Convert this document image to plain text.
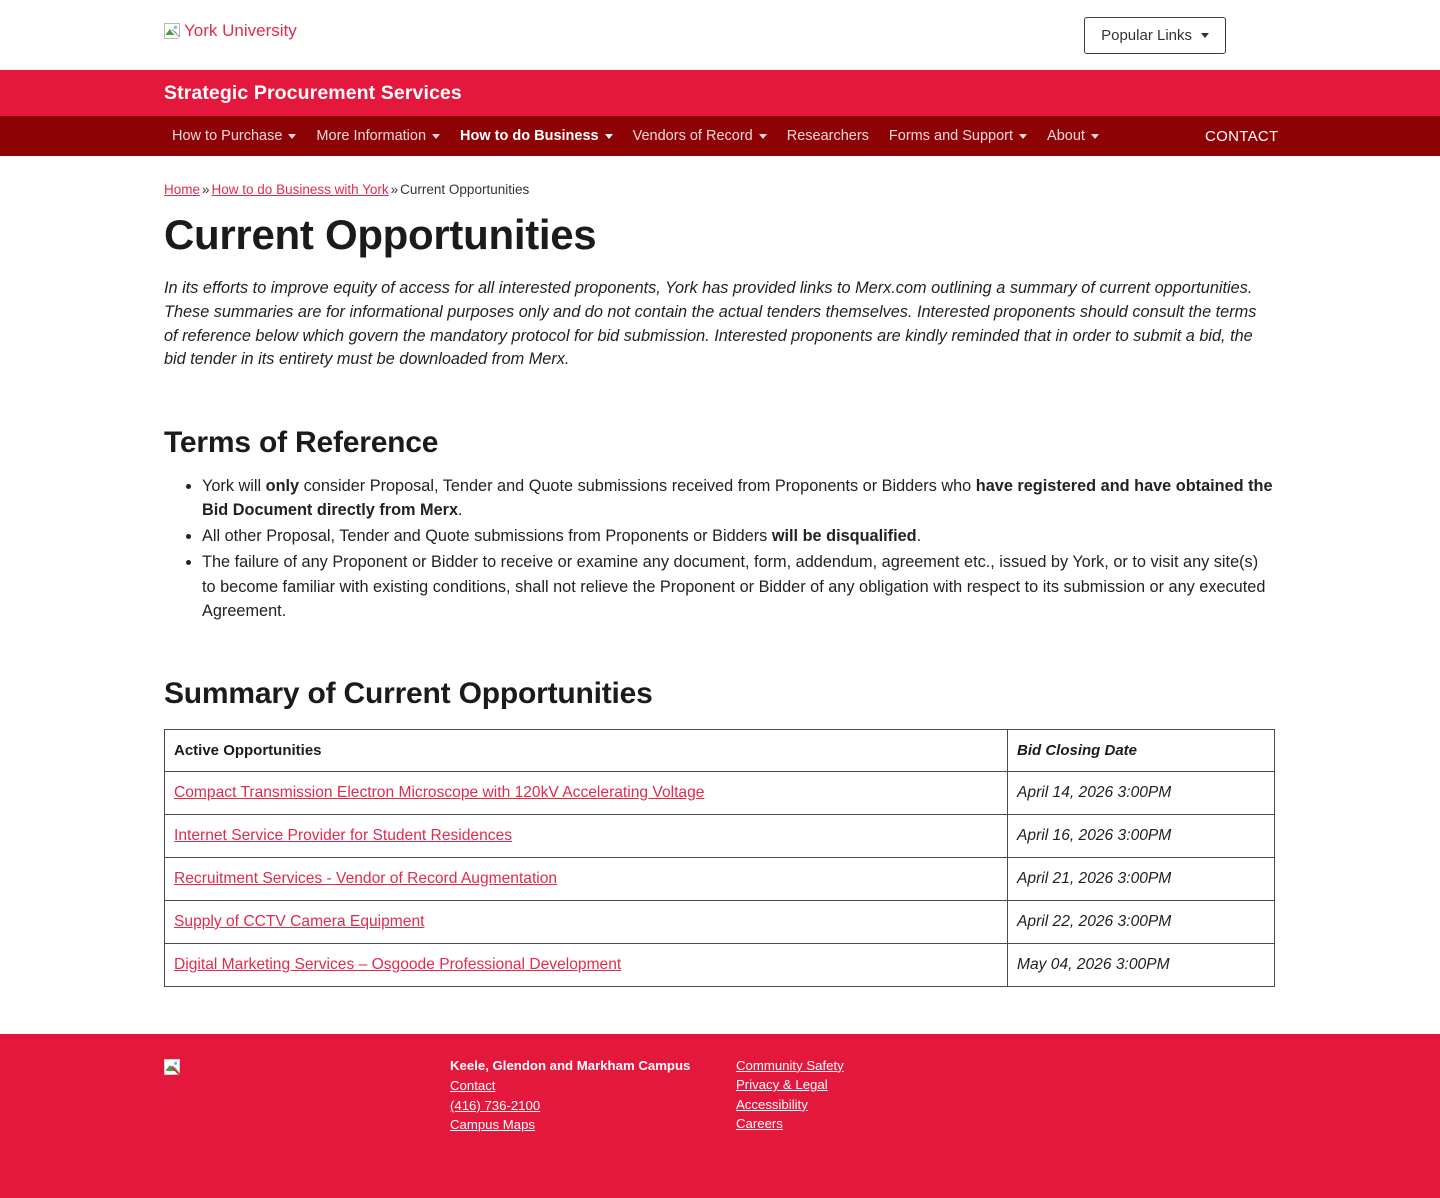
York University	Popular Links
Strategic Procurement Services
How to Purchase More Information How to do Business Vendors of Record Researchers Forms and Support About	CONTACT
Home » How to do Business with York » Current Opportunities
Current Opportunities

In its efforts to improve equity of access for all interested proponents, York has provided links to Merx.com outlining a summary of current opportunities. These summaries are for informational purposes only and do not contain the actual tenders themselves. Interested proponents should consult the terms of reference below which govern the mandatory protocol for bid submission. Interested proponents are kindly reminded that in order to submit a bid, the bid tender in its entirety must be downloaded from Merx.

Terms of Reference
• York will only consider Proposal, Tender and Quote submissions received from Proponents or Bidders who have registered and have obtained the Bid Document directly from Merx.
• All other Proposal, Tender and Quote submissions from Proponents or Bidders will be disqualified.
• The failure of any Proponent or Bidder to receive or examine any document, form, addendum, agreement etc., issued by York, or to visit any site(s) to become familiar with existing conditions, shall not relieve the Proponent or Bidder of any obligation with respect to its submission or any executed Agreement.
Summary of Current Opportunities
Active Opportunities	Bid Closing Date
Compact Transmission Electron Microscope with 120kV Accelerating Voltage	April 14, 2026 3:00PM
Internet Service Provider for Student Residences	April 16, 2026 3:00PM
Recruitment Services - Vendor of Record Augmentation	April 21, 2026 3:00PM
Supply of CCTV Camera Equipment	April 22, 2026 3:00PM
Digital Marketing Services – Osgoode Professional Development	May 04, 2026 3:00PM
Keele, Glendon and Markham Campus
Contact
(416) 736-2100
Campus Maps
Community Safety
Privacy & Legal
Accessibility
Careers
